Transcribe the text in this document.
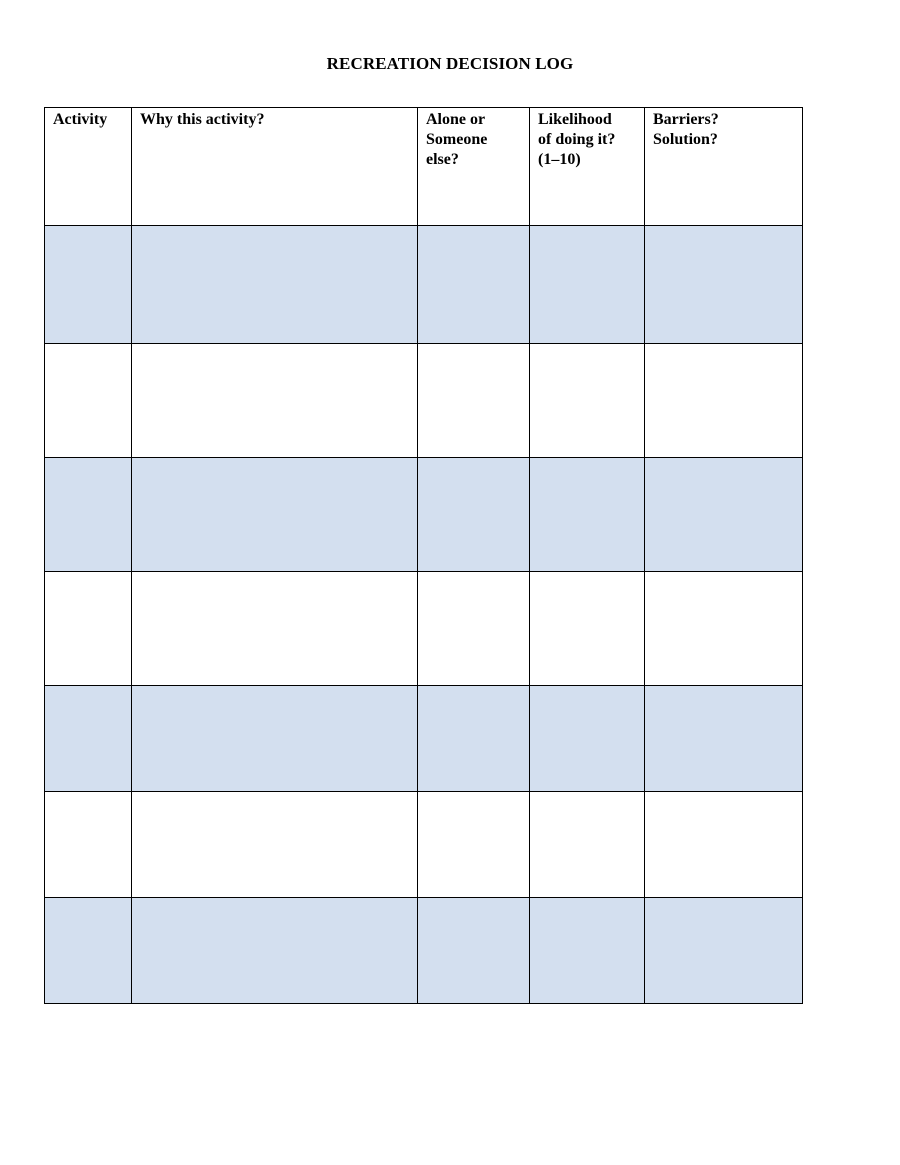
RECREATION DECISION LOG
Activity	Why this activity?	Alone or
Someone
else?	Likelihood
of doing it?
(1–10)	Barriers?
Solution?
